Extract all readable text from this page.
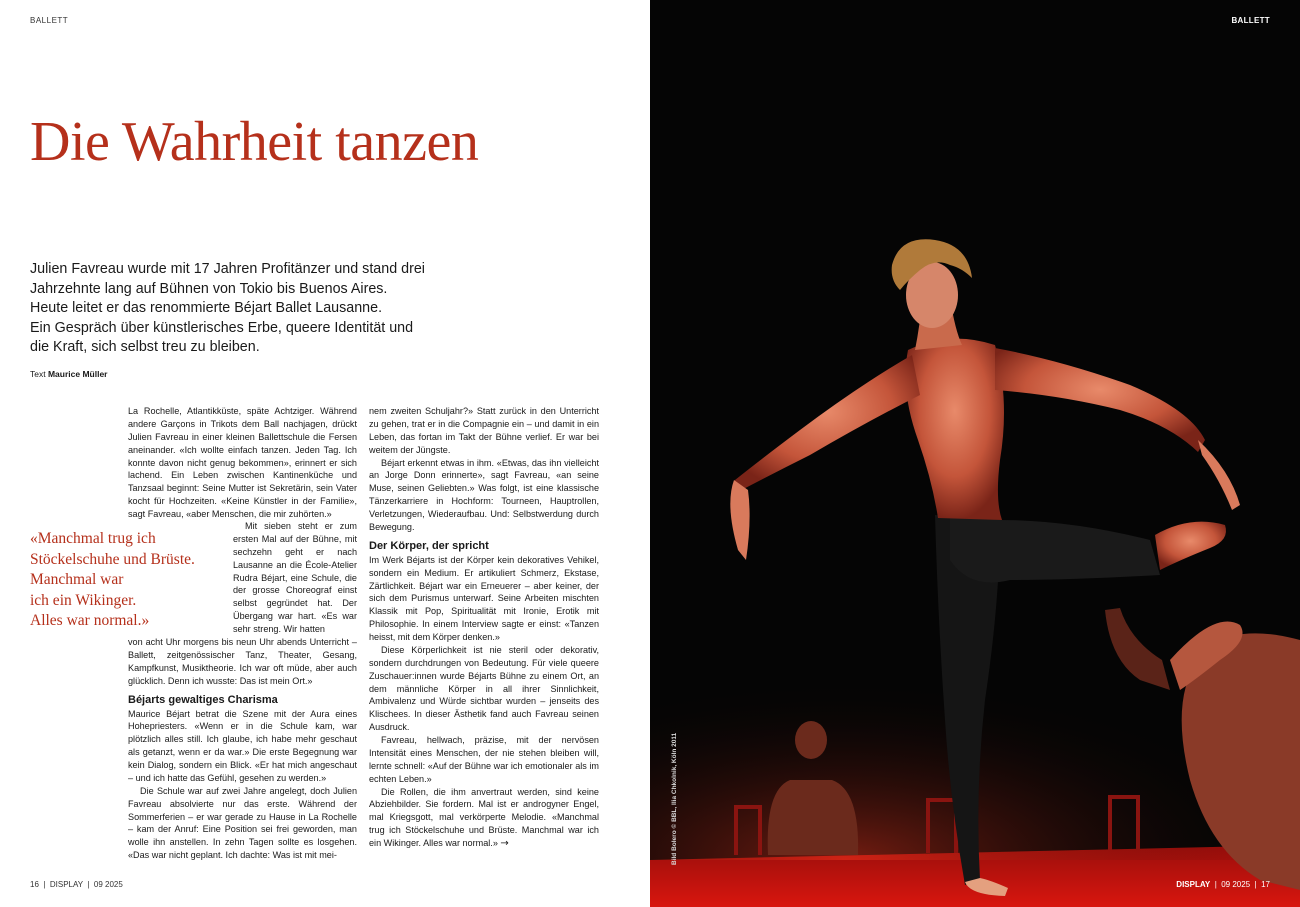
BALLETT
Die Wahrheit tanzen

Julien Favreau wurde mit 17 Jahren Profitänzer und stand drei Jahrzehnte lang auf Bühnen von Tokio bis Buenos Aires.

Heute leitet er das renommierte Béjart Ballet Lausanne.

Ein Gespräch über künstlerisches Erbe, queere Identität und die Kraft, sich selbst treu zu bleiben.

Text Maurice Müller

«Manchmal trug ich

Stöckelschuhe und Brüste.

Manchmal war

ich ein Wikinger.

Alles war normal.»

La Rochelle, Atlantikküste, späte Achtziger. Während andere Garçons in Trikots dem Ball nachjagen, drückt Julien Favreau in einer kleinen Ballettschule die Fersen aneinander. «Ich wollte einfach tanzen. Jeden Tag. Ich konnte davon nicht genug bekommen», erinnert er sich lachend. Ein Leben zwischen Kantinenküche und Tanzsaal beginnt: Seine Mutter ist Sekretärin, sein Vater kocht für Hochzeiten. «Keine Künstler in der Familie», sagt Favreau, «aber Menschen, die mir zuhörten.»

Mit sieben steht er zum ersten Mal auf der Bühne, mit sechzehn geht er nach Lausanne an die École-Atelier Rudra Béjart, eine Schule, die der grosse Choreograf einst selbst gegründet hat. Der Übergang war hart. «Es war sehr streng. Wir hatten

von acht Uhr morgens bis neun Uhr abends Unterricht – Ballett, zeitgenössischer Tanz, Theater, Gesang, Kampfkunst, Musiktheorie. Ich war oft müde, aber auch glücklich. Denn ich wusste: Das ist mein Ort.»

Béjarts gewaltiges Charisma

Maurice Béjart betrat die Szene mit der Aura eines Hohepriesters. «Wenn er in die Schule kam, war plötzlich alles still. Ich glaube, ich habe mehr geschaut als getanzt, wenn er da war.» Die erste Begegnung war kein Dialog, sondern ein Blick. «Er hat mich angeschaut – und ich hatte das Gefühl, gesehen zu werden.»

Die Schule war auf zwei Jahre angelegt, doch Julien Favreau absolvierte nur das erste. Während der Sommerferien – er war gerade zu Hause in La Rochelle – kam der Anruf: Eine Position sei frei geworden, man wolle ihn anstellen. In zehn Tagen sollte es losgehen. «Das war nicht geplant. Ich dachte: Was ist mit mei-

nem zweiten Schuljahr?» Statt zurück in den Unterricht zu gehen, trat er in die Compagnie ein – und damit in ein Leben, das fortan im Takt der Bühne verlief. Er war bei weitem der Jüngste.

Béjart erkennt etwas in ihm. «Etwas, das ihn vielleicht an Jorge Donn erinnerte», sagt Favreau, «an seine Muse, seinen Geliebten.» Was folgt, ist eine klassische Tänzerkarriere in Hochform: Tourneen, Hauptrollen, Verletzungen, Wiederaufbau. Und: Selbstwerdung durch Bewegung.

Der Körper, der spricht

Im Werk Béjarts ist der Körper kein dekoratives Vehikel, sondern ein Medium. Er artikuliert Schmerz, Ekstase, Zärtlichkeit. Béjart war ein Erneuerer – aber keiner, der sich dem Purismus unterwarf. Seine Arbeiten mischten Klassik mit Pop, Spiritualität mit Ironie, Erotik mit Philosophie. In einem Interview sagte er einst: «Tanzen heisst, mit dem Körper denken.»

Diese Körperlichkeit ist nie steril oder dekorativ, sondern durchdrungen von Bedeutung. Für viele queere Zuschauer:innen wurde Béjarts Bühne zu einem Ort, an dem männliche Körper in all ihrer Sinnlichkeit, Ambivalenz und Würde sichtbar wurden – jenseits des Klischees. In dieser Ästhetik fand auch Favreau seinen Ausdruck.

Favreau, hellwach, präzise, mit der nervösen Intensität eines Menschen, der nie stehen bleiben will, lernte schnell: «Auf der Bühne war ich emotionaler als im echten Leben.»

Die Rollen, die ihm anvertraut werden, sind keine Abziehbilder. Sie fordern. Mal ist er androgyner Engel, mal Kriegsgott, mal verkörperte Melodie. «Manchmal trug ich Stöckelschuhe und Brüste. Manchmal war ich ein Wikinger. Alles war normal.» →

16  |  DISPLAY  |  09 2025
BALLETT
DISPLAY |  09 2025  |  17
Bild Bolero © BBL, Ilia Chkolnik, Köln 2011
